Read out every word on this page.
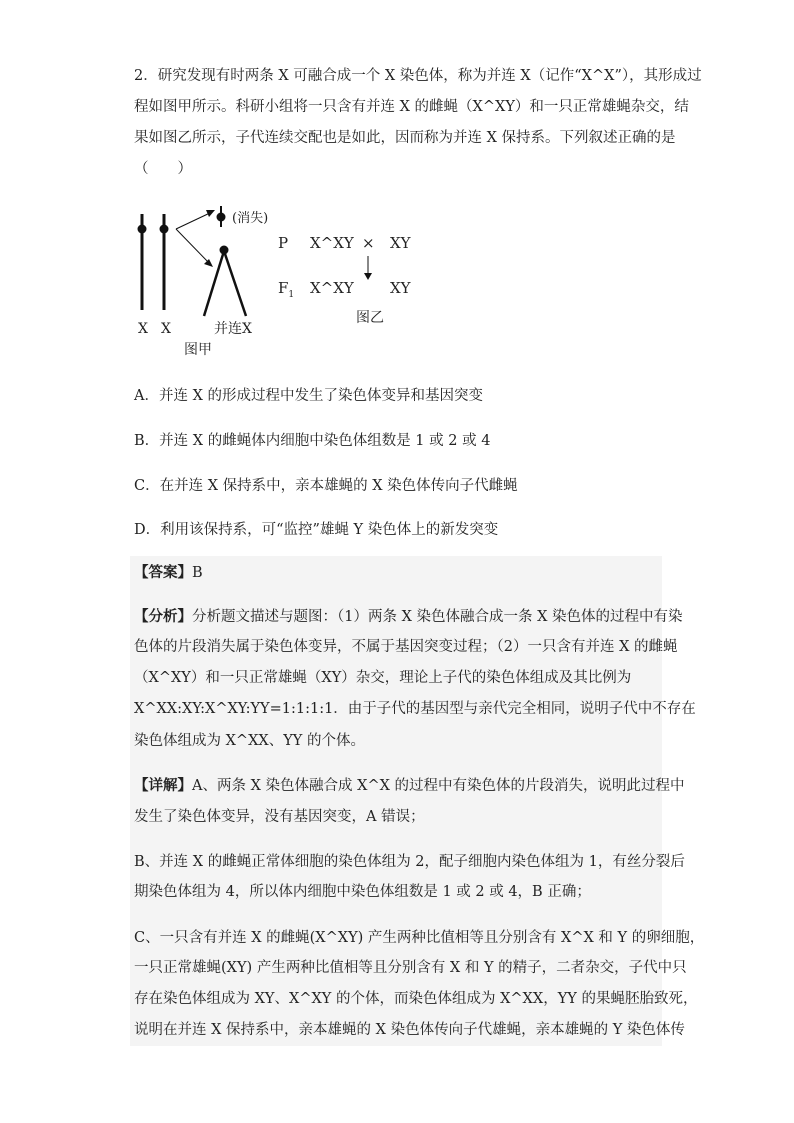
2．研究发现有时两条 X 可融合成一个 X 染色体，称为并连 X（记作“X^X”），其形成过
程如图甲所示。科研小组将一只含有并连 X 的雌蝇（X^XY）和一只正常雄蝇杂交，结
果如图乙所示，子代连续交配也是如此，因而称为并连 X 保持系。下列叙述正确的是
（　　）
(消失)
X X	并连X
图甲
P X^XY × XY
$F_1$ X^XY XY
图乙
A．并连 X 的形成过程中发生了染色体变异和基因突变
B．并连 X 的雌蝇体内细胞中染色体组数是 1 或 2 或 4
C．在并连 X 保持系中，亲本雄蝇的 X 染色体传向子代雌蝇
D．利用该保持系，可“监控”雄蝇 Y 染色体上的新发突变
【答案】B
【分析】分析题文描述与题图：（1）两条 X 染色体融合成一条 X 染色体的过程中有染
色体的片段消失属于染色体变异，不属于基因突变过程；（2）一只含有并连 X 的雌蝇
（X^XY）和一只正常雄蝇（XY）杂交，理论上子代的染色体组成及其比例为
X^XX:XY:X^XY:YY=1:1:1:1．由于子代的基因型与亲代完全相同，说明子代中不存在
染色体组成为 X^XX、YY 的个体。
【详解】A、两条 X 染色体融合成 X^X 的过程中有染色体的片段消失，说明此过程中
发生了染色体变异，没有基因突变，A 错误；
B、并连 X 的雌蝇正常体细胞的染色体组为 2，配子细胞内染色体组为 1，有丝分裂后
期染色体组为 4，所以体内细胞中染色体组数是 1 或 2 或 4，B 正确；
C、一只含有并连 X 的雌蝇(X^XY) 产生两种比值相等且分别含有 X^X 和 Y 的卵细胞，
一只正常雄蝇(XY) 产生两种比值相等且分别含有 X 和 Y 的精子，二者杂交，子代中只
存在染色体组成为 XY、X^XY 的个体，而染色体组成为 X^XX，YY 的果蝇胚胎致死，
说明在并连 X 保持系中，亲本雄蝇的 X 染色体传向子代雄蝇，亲本雄蝇的 Y 染色体传
